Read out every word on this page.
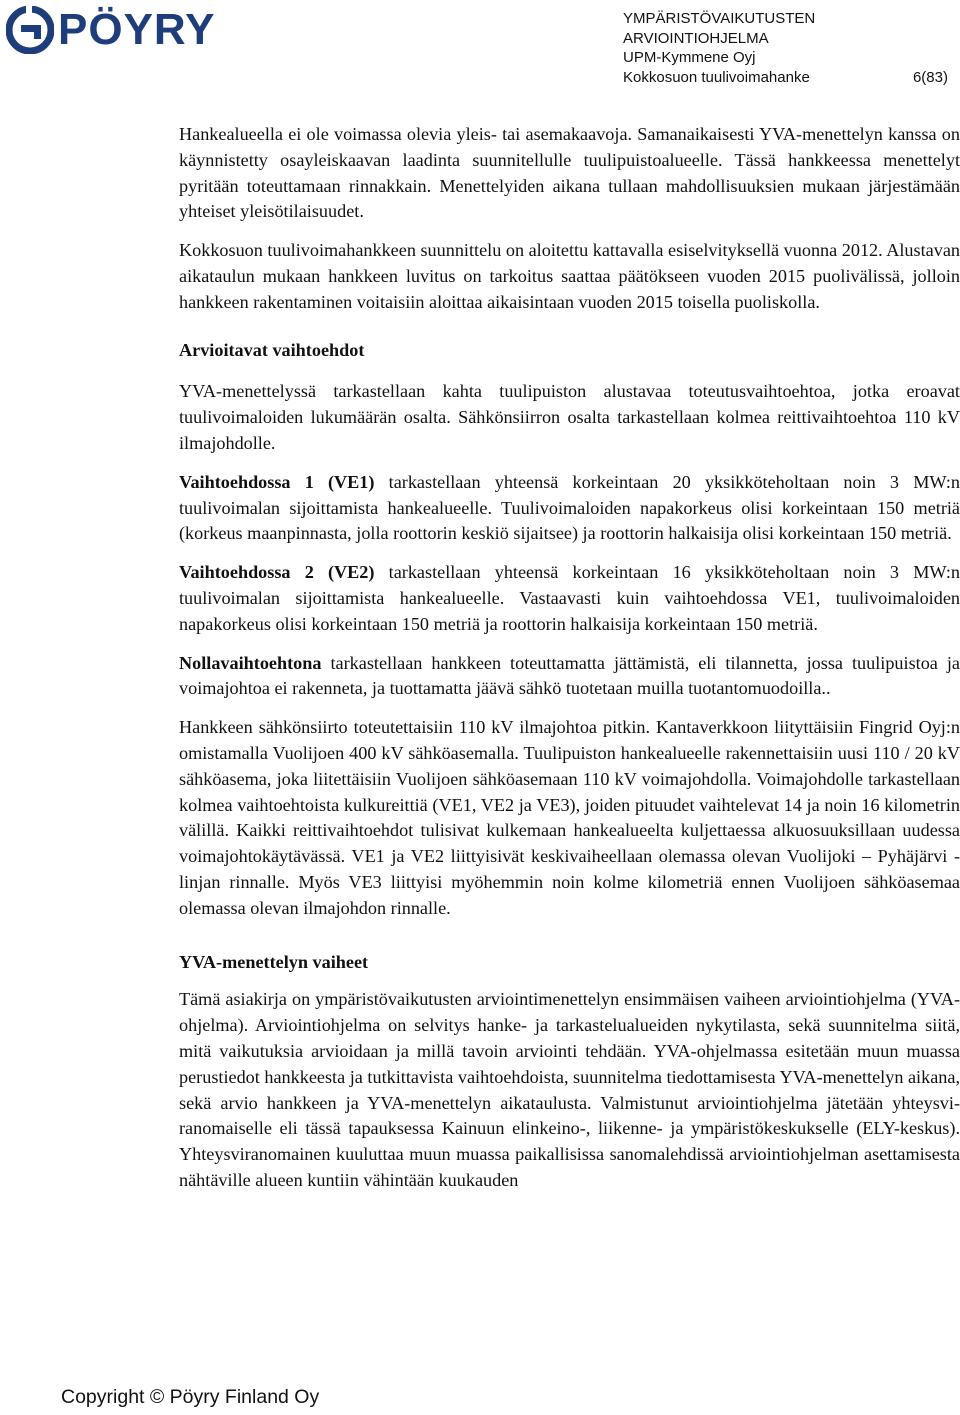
PÖYRY	YMPÄRISTÖVAIKUTUSTEN
ARVIOINTIOHJELMA
UPM-Kymmene Oyj
Kokkosuon tuulivoimahanke	6(83)

Hankealueella ei ole voimassa olevia yleis- tai asemakaavoja. Samanaikaisesti YVA-menettelyn kanssa on käynnistetty osayleiskaavan laadinta suunnitellulle tuulipuistoalueelle. Tässä hankkeessa menettelyt pyritään toteuttamaan rinnakkain. Menettelyiden aikana tullaan mahdollisuuksien mukaan järjestämään yhteiset yleisötilaisuudet.

Kokkosuon tuulivoimahankkeen suunnittelu on aloitettu kattavalla esiselvityksellä vuonna 2012. Alustavan aikataulun mukaan hankkeen luvitus on tarkoitus saattaa päätökseen vuoden 2015 puolivälissä, jolloin hankkeen rakentaminen voitaisiin aloittaa aikaisintaan vuoden 2015 toisella puoliskolla.

Arvioitavat vaihtoehdot

YVA-menettelyssä tarkastellaan kahta tuulipuiston alustavaa toteutusvaihtoehtoa, jotka eroavat tuulivoimaloiden lukumäärän osalta. Sähkönsiirron osalta tarkastellaan kolmea reittivaihtoehtoa 110 kV ilmajohdolle.

Vaihtoehdossa 1 (VE1) tarkastellaan yhteensä korkeintaan 20 yksikköteholtaan noin 3 MW:n tuulivoimalan sijoittamista hankealueelle. Tuulivoimaloiden napakorkeus olisi korkeintaan 150 metriä (korkeus maanpinnasta, jolla roottorin keskiö sijaitsee) ja roottorin halkaisija olisi korkeintaan 150 metriä.

Vaihtoehdossa 2 (VE2) tarkastellaan yhteensä korkeintaan 16 yksikköteholtaan noin 3 MW:n tuulivoimalan sijoittamista hankealueelle. Vastaavasti kuin vaihtoehdossa VE1, tuulivoimaloiden napakorkeus olisi korkeintaan 150 metriä ja roottorin halkaisija korkeintaan 150 metriä.

Nollavaihtoehtona tarkastellaan hankkeen toteuttamatta jättämistä, eli tilannetta, jossa tuulipuistoa ja voimajohtoa ei rakenneta, ja tuottamatta jäävä sähkö tuotetaan muilla tuotantomuodoilla..

Hankkeen sähkönsiirto toteutettaisiin 110 kV ilmajohtoa pitkin. Kantaverkkoon liityttäisiin Fingrid Oyj:n omistamalla Vuolijoen 400 kV sähköasemalla. Tuulipuiston hankealueelle rakennettaisiin uusi 110 / 20 kV sähköasema, joka liitettäisiin Vuolijoen sähköasemaan 110 kV voimajohdolla. Voimajohdolle tarkastellaan kolmea vaihtoehtoista kulkureittiä (VE1, VE2 ja VE3), joiden pituudet vaihtelevat 14 ja noin 16 kilometrin välillä. Kaikki reittivaihtoehdot tulisivat kulkemaan hankealueelta kuljettaessa alkuosuuksillaan uudessa voimajohtokäytävässä. VE1 ja VE2 liittyisivät keskivaiheellaan olemassa olevan Vuolijoki – Pyhäjärvi -linjan rinnalle. Myös VE3 liittyisi myöhemmin noin kolme kilometriä ennen Vuolijoen sähköasemaa olemassa olevan ilmajohdon rinnalle.

YVA-menettelyn vaiheet

Tämä asiakirja on ympäristövaikutusten arviointimenettelyn ensimmäisen vaiheen arviointiohjelma (YVA-ohjelma). Arviointiohjelma on selvitys hanke- ja tarkastelualueiden nykytilasta, sekä suunnitelma siitä, mitä vaikutuksia arvioidaan ja millä tavoin arviointi tehdään. YVA-ohjelmassa esitetään muun muassa perustiedot hankkeesta ja tutkittavista vaihtoehdoista, suunnitelma tiedottamisesta YVA-menettelyn aikana, sekä arvio hankkeen ja YVA-menettelyn aikataulusta. Valmistunut arviointiohjelma jätetään yhteysviranomaiselle eli tässä tapauksessa Kainuun elinkeino-, liikenne- ja ympäristökeskukselle (ELY-keskus). Yhteysviranomainen kuuluttaa muun muassa paikallisissa sanomalehdissä arviointiohjelman asettamisesta nähtäville alueen kuntiin vähintään kuukauden

Copyright © Pöyry Finland Oy
